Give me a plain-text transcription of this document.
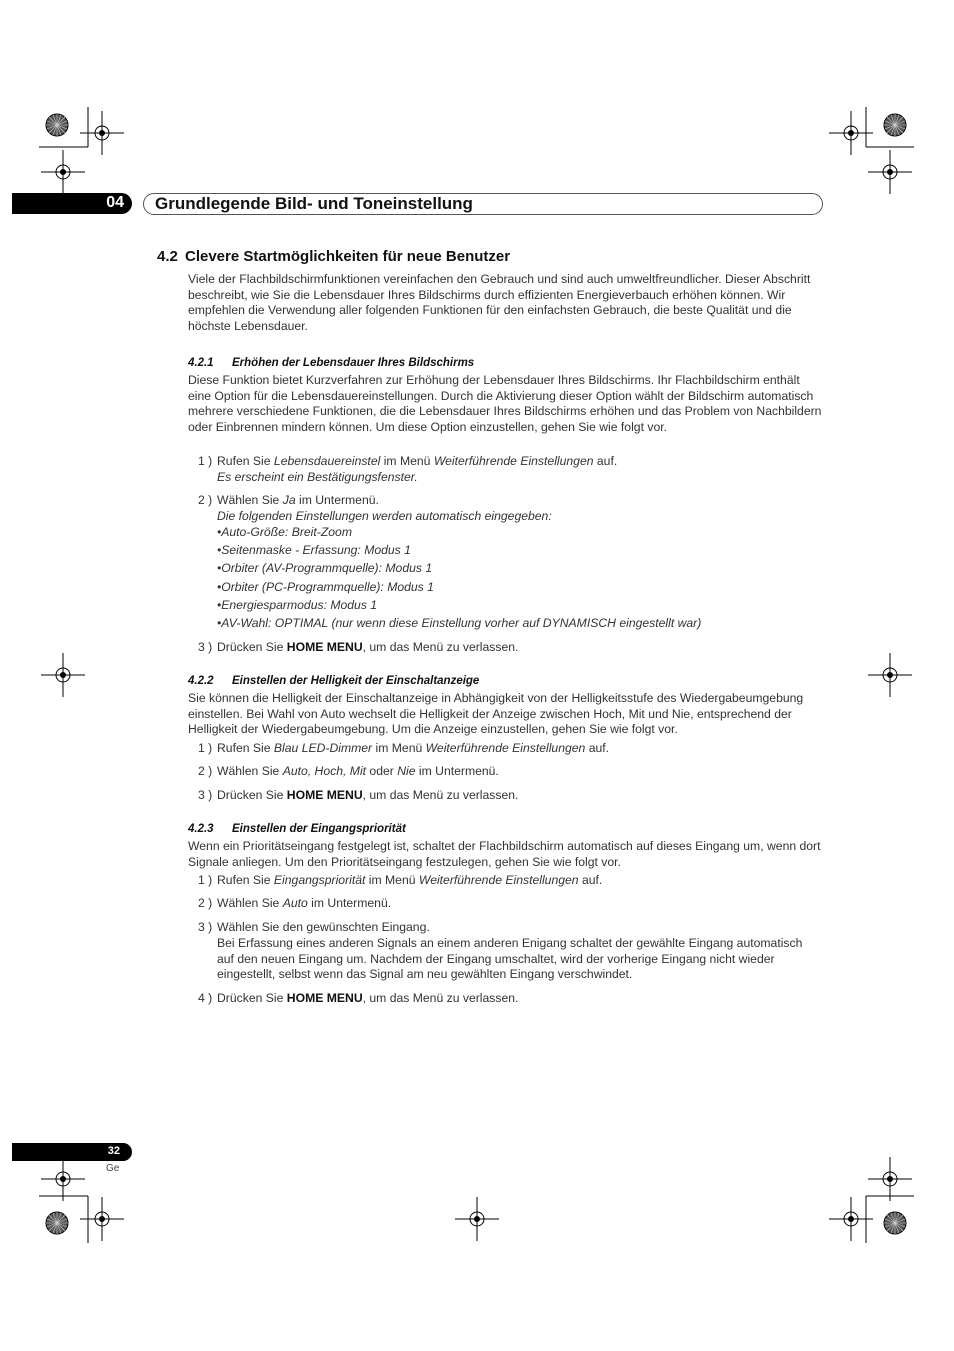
04 Grundlegende Bild- und Toneinstellung
4.2 Clevere Startmöglichkeiten für neue Benutzer
Viele der Flachbildschirmfunktionen vereinfachen den Gebrauch und sind auch umweltfreundlicher. Dieser Abschritt beschreibt, wie Sie die Lebensdauer Ihres Bildschirms durch effizienten Energieverbauch erhöhen können. Wir empfehlen die Verwendung aller folgenden Funktionen für den einfachsten Gebrauch, die beste Qualität und die höchste Lebensdauer.
4.2.1 Erhöhen der Lebensdauer Ihres Bildschirms
Diese Funktion bietet Kurzverfahren zur Erhöhung der Lebensdauer Ihres Bildschirms. Ihr Flachbildschirm enthält eine Option für die Lebensdauereinstellungen. Durch die Aktivierung dieser Option wählt der Bildschirm automatisch mehrere verschiedene Funktionen, die die Lebensdauer Ihres Bildschirms erhöhen und das Problem von Nachbildern oder Einbrennen mindern können. Um diese Option einzustellen, gehen Sie wie folgt vor.
1 ) Rufen Sie Lebensdauereinstel im Menü Weiterführende Einstellungen auf.
Es erscheint ein Bestätigungsfenster.
2 ) Wählen Sie Ja im Untermenü.
Die folgenden Einstellungen werden automatisch eingegeben:
•Auto-Größe: Breit-Zoom
•Seitenmaske - Erfassung: Modus 1
•Orbiter (AV-Programmquelle): Modus 1
•Orbiter (PC-Programmquelle): Modus 1
•Energiesparmodus: Modus 1
•AV-Wahl: OPTIMAL (nur wenn diese Einstellung vorher auf DYNAMISCH eingestellt war)
3 ) Drücken Sie HOME MENU, um das Menü zu verlassen.
4.2.2 Einstellen der Helligkeit der Einschaltanzeige
Sie können die Helligkeit der Einschaltanzeige in Abhängigkeit von der Helligkeitsstufe des Wiedergabeumgebung einstellen. Bei Wahl von Auto wechselt die Helligkeit der Anzeige zwischen Hoch, Mit und Nie, entsprechend der Helligkeit der Wiedergabeumgebung. Um die Anzeige einzustellen, gehen Sie wie folgt vor.
1 ) Rufen Sie Blau LED-Dimmer im Menü Weiterführende Einstellungen auf.
2 ) Wählen Sie Auto, Hoch, Mit oder Nie im Untermenü.
3 ) Drücken Sie HOME MENU, um das Menü zu verlassen.
4.2.3 Einstellen der Eingangspriorität
Wenn ein Prioritätseingang festgelegt ist, schaltet der Flachbildschirm automatisch auf dieses Eingang um, wenn dort Signale anliegen. Um den Prioritätseingang festzulegen, gehen Sie wie folgt vor.
1 ) Rufen Sie Eingangspriorität im Menü Weiterführende Einstellungen auf.
2 ) Wählen Sie Auto im Untermenü.
3 ) Wählen Sie den gewünschten Eingang.
Bei Erfassung eines anderen Signals an einem anderen Enigang schaltet der gewählte Eingang automatisch auf den neuen Eingang um. Nachdem der Eingang umschaltet, wird der vorherige Eingang nicht wieder eingestellt, selbst wenn das Signal am neu gewählten Eingang verschwindet.
4 ) Drücken Sie HOME MENU, um das Menü zu verlassen.
32
Ge
